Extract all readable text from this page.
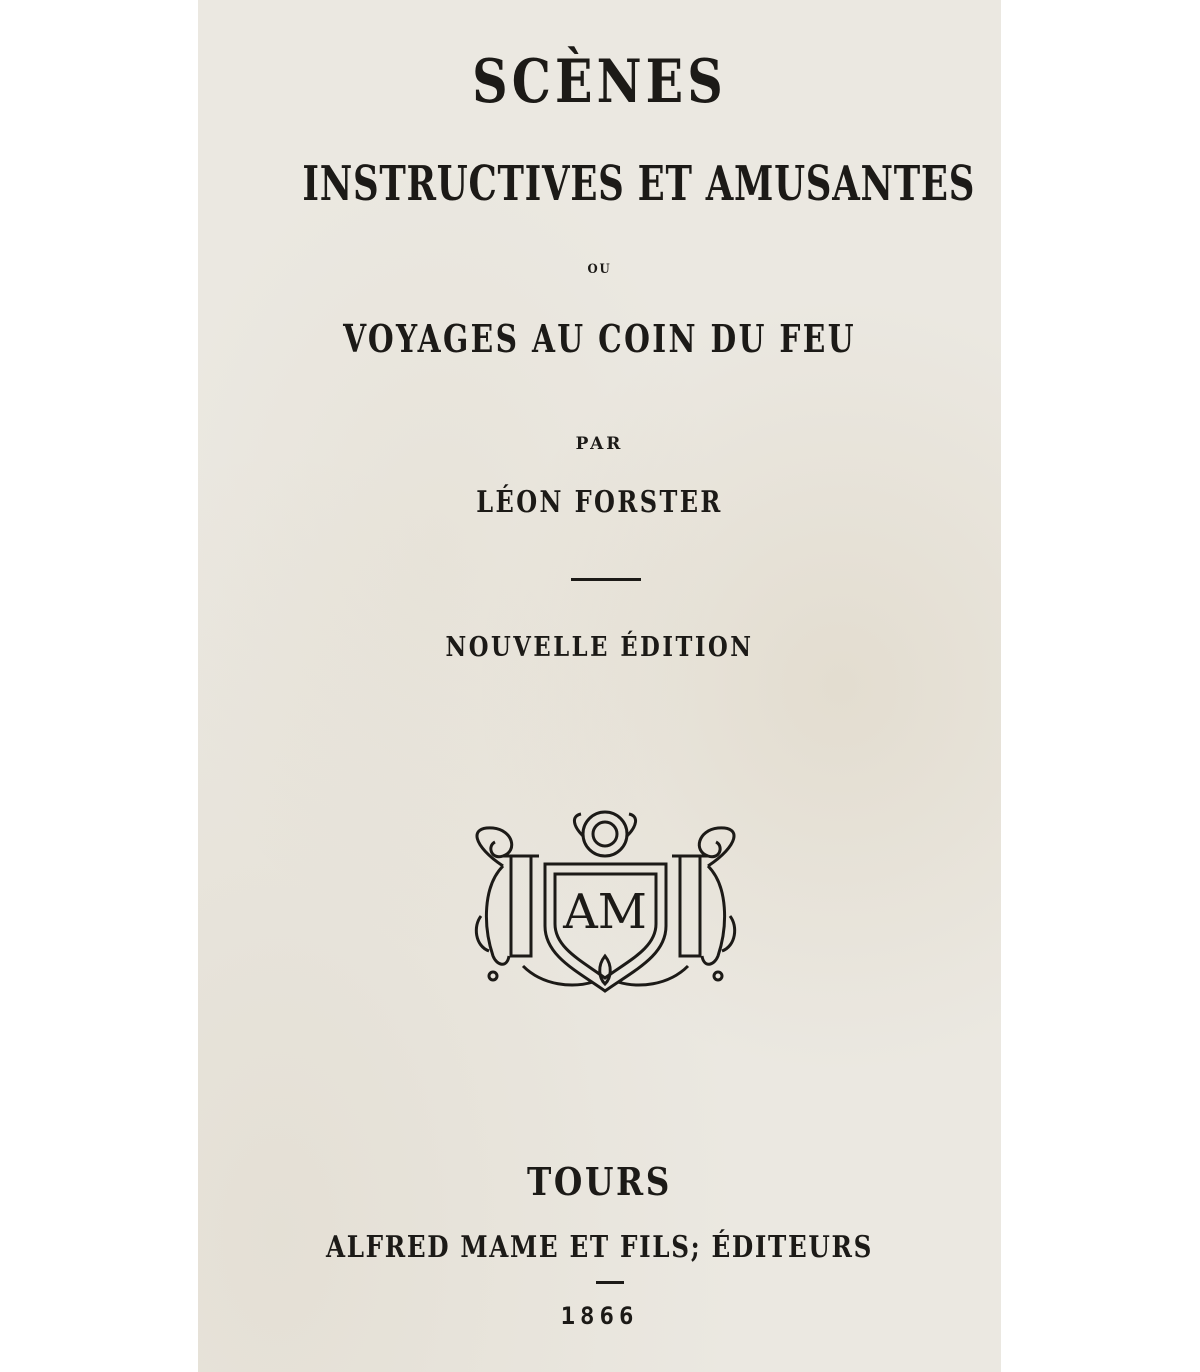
SCÈNES
INSTRUCTIVES ET AMUSANTES
OU
VOYAGES AU COIN DU FEU
PAR
LÉON FORSTER
NOUVELLE ÉDITION
AM
TOURS
ALFRED MAME ET FILS; ÉDITEURS
1866
